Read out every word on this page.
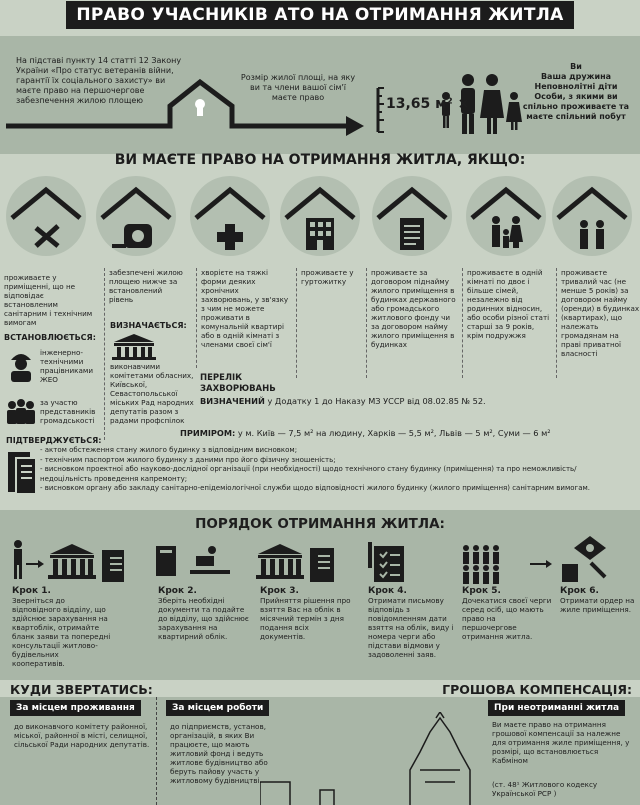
ПРАВО УЧАСНИКІВ АТО НА ОТРИМАННЯ ЖИТЛА
На підставі пункту 14 статті 12 Закону України «Про статус ветеранів війни, гарантії їх соціального захисту» ви маєте право на першочергове забезпечення жилою площею
Розмір жилої площі, на яку ви та члени вашої сім'ї маєте право	13,65 м² ×
Ви
Ваша дружина
Неповнолітні діти
Особи, з якими ви
спільно проживаєте та
маєте спільний побут
ВИ МАЄТЕ ПРАВО НА ОТРИМАННЯ ЖИТЛА, ЯКЩО:
проживаєте у приміщенні, що не відповідає встановленим санітарним і технічним вимогам
забезпечені жилою площею нижче за встановлений рівень
хворієте на тяжкі форми деяких хронічних захворювань, у зв'язку з чим не можете проживати в комунальній квартирі або в одній кімнаті з членами своєї сім'ї
проживаєте у гуртожитку
проживаєте за договором піднайму жилого приміщення в будинках державного або громадського житлового фонду чи за договором найму жилого приміщення в будинках
проживаєте в одній кімнаті по двоє і більше сімей, незалежно від родинних відносин, або особи різної статі старші за 9 років, крім подружжя
проживаєте тривалий час (не менше 5 років) за договором найму (оренди) в будинках (квартирах), що належать громадянам на праві приватної власності
ВСТАНОВЛЮЄТЬСЯ:
інженерно-технічними працівниками ЖЕО
за участю представників громадськості
ВИЗНАЧАЄТЬСЯ:
виконавчими комітетами обласних, Київської, Севастопольської міських Рад народних депутатів разом з радами профспілок
ПЕРЕЛІК ЗАХВОРЮВАНЬ
ВИЗНАЧЕНИЙ у Додатку 1 до Наказу МЗ УССР від 08.02.85 № 52.
ПРИМІРОМ: у м. Київ — 7,5 м² на людину, Харків — 5,5 м², Львів — 5 м², Суми — 6 м²
ПІДТВЕРДЖУЄТЬСЯ:
- актом обстеження стану жилого будинку з відповідним висновком;
- технічним паспортом жилого будинку з даними про його фізичну зношеність;
- висновком проектної або науково-дослідної організації (при необхідності) щодо технічного стану будинку (приміщення) та про неможливість/
недоцільність проведення капремонту;
- висновком органу або закладу санітарно-епідеміологічної служби щодо відповідності жилого будинку (жилого приміщення) санітарним вимогам.
ПОРЯДОК ОТРИМАННЯ ЖИТЛА:
Крок 1.
Зверніться до відповідного відділу, що здійснює зарахування на квартоблік, отримайте бланк заяви та попередні консультації житлово-будівельних кооперативів.
Крок 2.
Зберіть необхідні документи та подайте до відділу, що здійснює зарахування на квартирний облік.
Крок 3.
Прийняття рішення про взяття Вас на облік в місячний термін з дня подання всіх документів.
Крок 4.
Отримати письмову відповідь з повідомленням дати взяття на облік, виду і номера черги або підстави відмови у задоволенні заяв.
Крок 5.
Дочекатися своєї черги серед осіб, що мають право на першочергове отримання житла.
Крок 6.
Отримати ордер на жиле приміщення.
КУДИ ЗВЕРТАТИСЬ:	ГРОШОВА КОМПЕНСАЦІЯ:
За місцем проживання
до виконавчого комітету районної, міської, районної в місті, селищної, сільської Ради народних депутатів.
За місцем роботи
до підприємств, установ, організацій, в яких Ви працюєте, що мають житловий фонд і ведуть житлове будівництво або беруть пайову участь у житловому будівництві.
При неотриманні житла
Ви маєте право на отримання грошової компенсації за належне для отримання жиле приміщення, у розмірі, що встановлюється Кабміном
(ст. 48¹ Житлового кодексу Української РСР )
